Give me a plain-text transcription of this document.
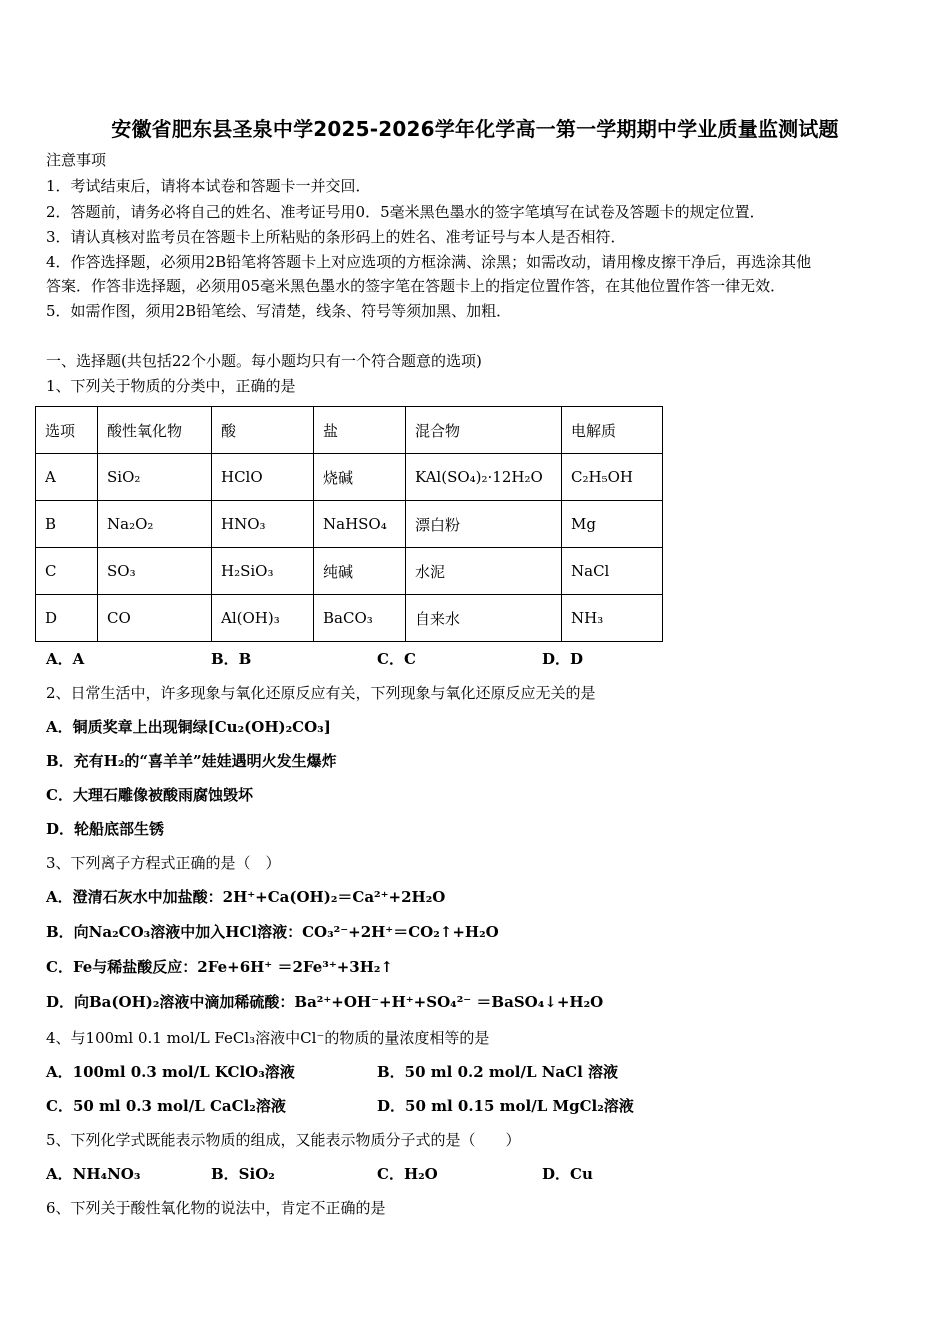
安徽省肥东县圣泉中学2025-2026学年化学高一第一学期期中学业质量监测试题
注意事项
1．考试结束后，请将本试卷和答题卡一并交回．
2．答题前，请务必将自己的姓名、准考证号用0．5毫米黑色墨水的签字笔填写在试卷及答题卡的规定位置．
3．请认真核对监考员在答题卡上所粘贴的条形码上的姓名、准考证号与本人是否相符．
4．作答选择题，必须用2B铅笔将答题卡上对应选项的方框涂满、涂黑；如需改动，请用橡皮擦干净后，再选涂其他
答案．作答非选择题，必须用05毫米黑色墨水的签字笔在答题卡上的指定位置作答，在其他位置作答一律无效．
5．如需作图，须用2B铅笔绘、写清楚，线条、符号等须加黑、加粗．
一、选择题(共包括22个小题。每小题均只有一个符合题意的选项)
1、下列关于物质的分类中，正确的是
选项	酸性氧化物	酸	盐	混合物	电解质
A	SiO₂	HClO	烧碱	KAl(SO₄)₂·12H₂O	C₂H₅OH
B	Na₂O₂	HNO₃	NaHSO₄	漂白粉	Mg
C	SO₃	H₂SiO₃	纯碱	水泥	NaCl
D	CO	Al(OH)₃	BaCO₃	自来水	NH₃
A．A	B．B	C．C	D．D
2、日常生活中，许多现象与氧化还原反应有关，下列现象与氧化还原反应无关的是
A．铜质奖章上出现铜绿[Cu₂(OH)₂CO₃]
B．充有H₂的“喜羊羊”娃娃遇明火发生爆炸
C．大理石雕像被酸雨腐蚀毁坏
D．轮船底部生锈
3、下列离子方程式正确的是（　）
A．澄清石灰水中加盐酸：2H⁺+Ca(OH)₂＝Ca²⁺+2H₂O
B．向Na₂CO₃溶液中加入HCl溶液：CO₃²⁻+2H⁺＝CO₂↑+H₂O
C．Fe与稀盐酸反应：2Fe+6H⁺ ＝2Fe³⁺+3H₂↑
D．向Ba(OH)₂溶液中滴加稀硫酸：Ba²⁺+OH⁻+H⁺+SO₄²⁻ ＝BaSO₄↓+H₂O
4、与100ml 0.1 mol/L FeCl₃溶液中Cl⁻的物质的量浓度相等的是
A．100ml 0.3 mol/L KClO₃溶液	B．50 ml 0.2 mol/L NaCl 溶液
C．50 ml 0.3 mol/L CaCl₂溶液	D．50 ml 0.15 mol/L MgCl₂溶液
5、下列化学式既能表示物质的组成，又能表示物质分子式的是（　　）
A．NH₄NO₃	B．SiO₂	C．H₂O	D．Cu
6、下列关于酸性氧化物的说法中，肯定不正确的是
